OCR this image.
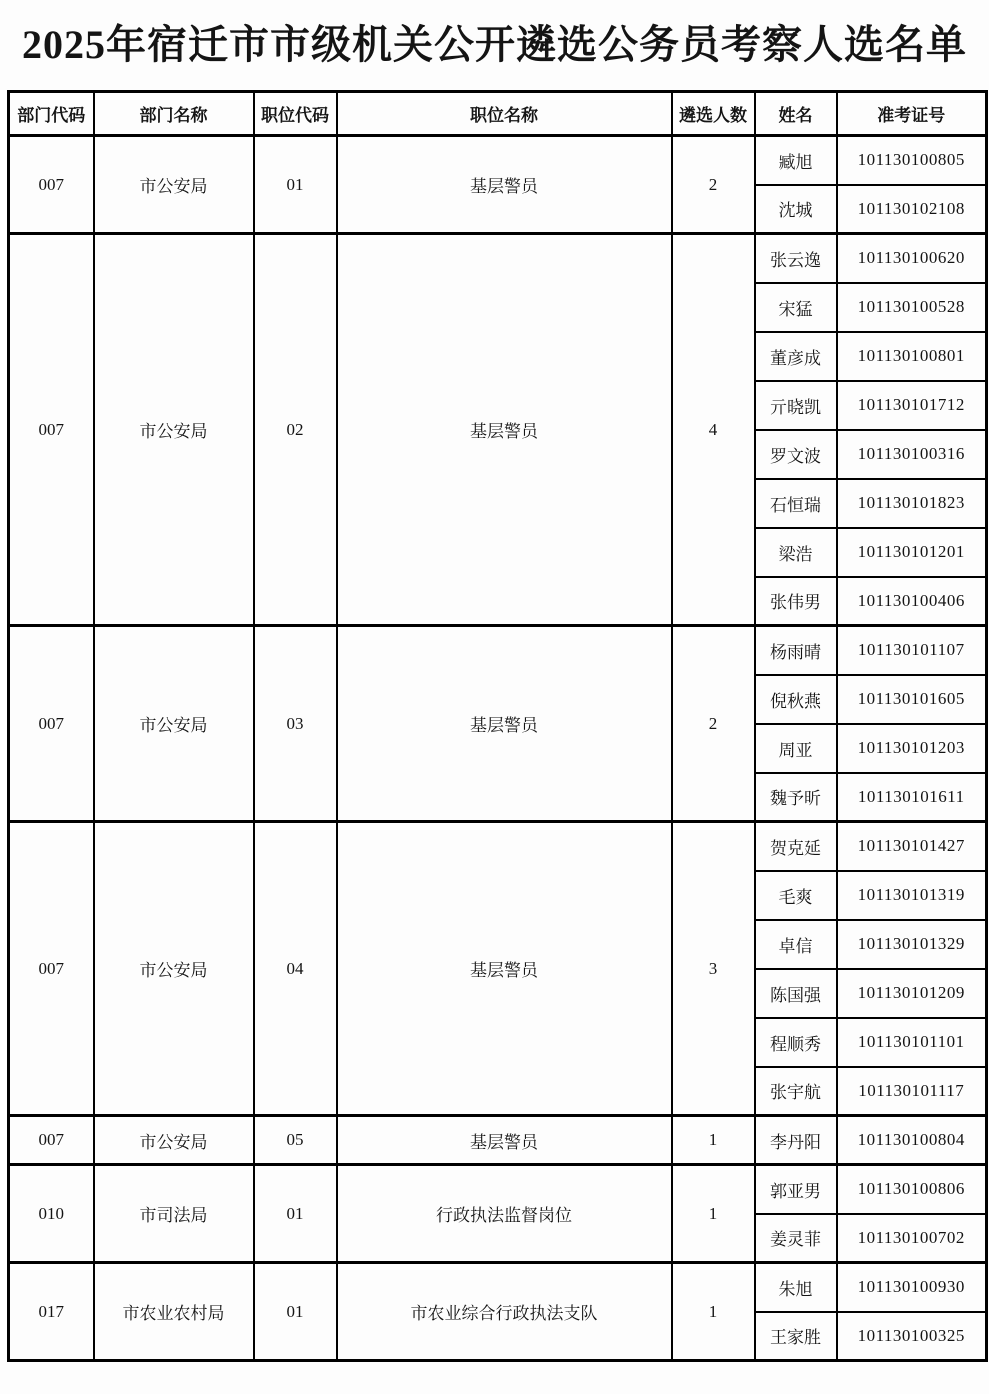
2025年宿迁市市级机关公开遴选公务员考察人选名单
部门代码	部门名称	职位代码	职位名称	遴选人数	姓名	准考证号
007	市公安局	01	基层警员	2	臧旭	101130100805
					沈城	101130102108
007	市公安局	02	基层警员	4	张云逸	101130100620
					宋猛	101130100528
					董彦成	101130100801
					亓晓凯	101130101712
					罗文波	101130100316
					石恒瑞	101130101823
					梁浩	101130101201
					张伟男	101130100406
007	市公安局	03	基层警员	2	杨雨晴	101130101107
					倪秋燕	101130101605
					周亚	101130101203
					魏予昕	101130101611
007	市公安局	04	基层警员	3	贺克延	101130101427
					毛爽	101130101319
					卓信	101130101329
					陈国强	101130101209
					程顺秀	101130101101
					张宇航	101130101117
007	市公安局	05	基层警员	1	李丹阳	101130100804
010	市司法局	01	行政执法监督岗位	1	郭亚男	101130100806
					姜灵菲	101130100702
017	市农业农村局	01	市农业综合行政执法支队	1	朱旭	101130100930
					王家胜	101130100325
